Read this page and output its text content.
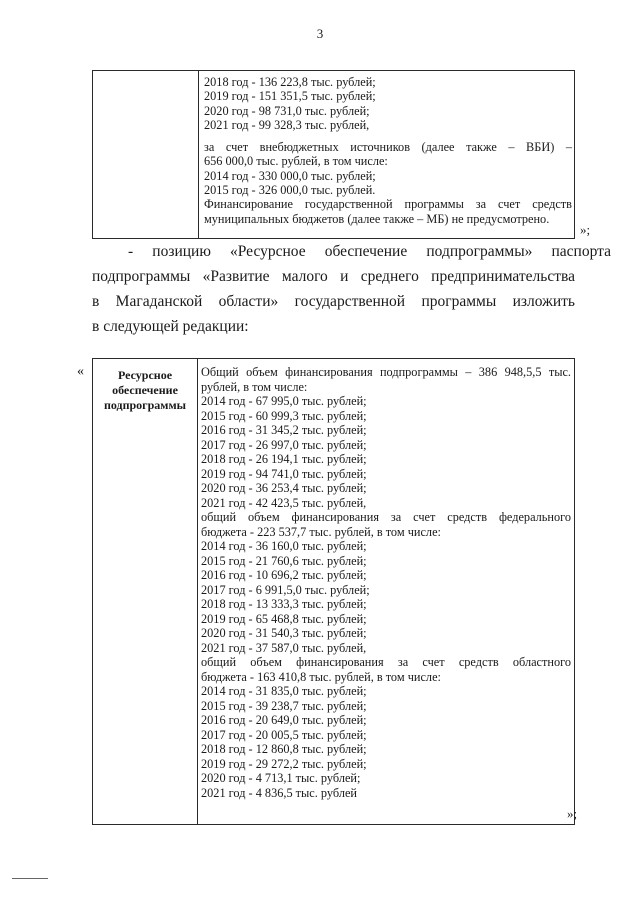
3
2018 год - 136 223,8 тыс. рублей;
2019 год - 151 351,5 тыс. рублей;
2020 год - 98 731,0 тыс. рублей;
2021 год - 99 328,3 тыс. рублей,
за счет внебюджетных источников (далее также – ВБИ) –
656 000,0 тыс. рублей, в том числе:
2014 год - 330 000,0 тыс. рублей;
2015 год - 326 000,0 тыс. рублей.
Финансирование государственной программы за счет средств
муниципальных бюджетов (далее также – МБ) не предусмотрено.
»;
- позицию «Ресурсное обеспечение подпрограммы» паспорта
подпрограммы «Развитие малого и среднего предпринимательства
в Магаданской области» государственной программы изложить
в следующей редакции:
«	Ресурсное
обеспечение
подпрограммы
Общий объем финансирования подпрограммы – 386 948,5,5 тыс.
рублей, в том числе:
2014 год - 67 995,0 тыс. рублей;
2015 год - 60 999,3 тыс. рублей;
2016 год - 31 345,2 тыс. рублей;
2017 год - 26 997,0 тыс. рублей;
2018 год - 26 194,1 тыс. рублей;
2019 год - 94 741,0 тыс. рублей;
2020 год - 36 253,4 тыс. рублей;
2021 год - 42 423,5 тыс. рублей,
общий объем финансирования за счет средств федерального
бюджета - 223 537,7 тыс. рублей, в том числе:
2014 год - 36 160,0 тыс. рублей;
2015 год - 21 760,6 тыс. рублей;
2016 год - 10 696,2 тыс. рублей;
2017 год - 6 991,5,0 тыс. рублей;
2018 год - 13 333,3 тыс. рублей;
2019 год - 65 468,8 тыс. рублей;
2020 год - 31 540,3 тыс. рублей;
2021 год - 37 587,0 тыс. рублей,
общий объем финансирования за счет средств областного
бюджета - 163 410,8 тыс. рублей, в том числе:
2014 год - 31 835,0 тыс. рублей;
2015 год - 39 238,7 тыс. рублей;
2016 год - 20 649,0 тыс. рублей;
2017 год - 20 005,5 тыс. рублей;
2018 год - 12 860,8 тыс. рублей;
2019 год - 29 272,2 тыс. рублей;
2020 год - 4 713,1 тыс. рублей;
2021 год - 4 836,5 тыс. рублей
»;
